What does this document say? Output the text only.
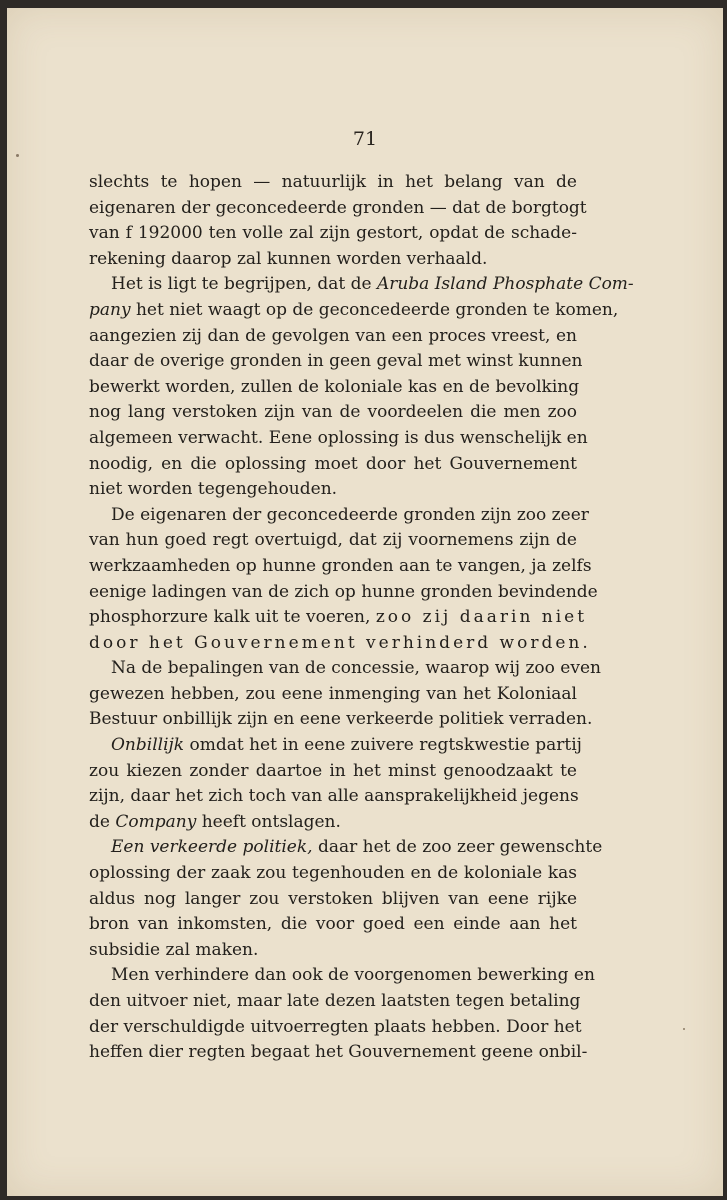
71
slechts te hopen — natuurlijk in het belang van de
eigenaren der geconcedeerde gronden — dat de borgtogt
van f 192000 ten volle zal zijn gestort, opdat de schade-
rekening daarop zal kunnen worden verhaald.
Het is ligt te begrijpen, dat de Aruba Island Phosphate Com-
pany het niet waagt op de geconcedeerde gronden te komen,
aangezien zij dan de gevolgen van een proces vreest, en
daar de overige gronden in geen geval met winst kunnen
bewerkt worden, zullen de koloniale kas en de bevolking
nog lang verstoken zijn van de voordeelen die men zoo
algemeen verwacht. Eene oplossing is dus wenschelijk en
noodig, en die oplossing moet door het Gouvernement
niet worden tegengehouden.
De eigenaren der geconcedeerde gronden zijn zoo zeer
van hun goed regt overtuigd, dat zij voornemens zijn de
werkzaamheden op hunne gronden aan te vangen, ja zelfs
eenige ladingen van de zich op hunne gronden bevindende
phosphorzure kalk uit te voeren, zoo zij daarin niet
door het Gouvernement verhinderd worden.
Na de bepalingen van de concessie, waarop wij zoo even
gewezen hebben, zou eene inmenging van het Koloniaal
Bestuur onbillijk zijn en eene verkeerde politiek verraden.
Onbillijk omdat het in eene zuivere regtskwestie partij
zou kiezen zonder daartoe in het minst genoodzaakt te
zijn, daar het zich toch van alle aansprakelijkheid jegens
de Company heeft ontslagen.
Een verkeerde politiek, daar het de zoo zeer gewenschte
oplossing der zaak zou tegenhouden en de koloniale kas
aldus nog langer zou verstoken blijven van eene rijke
bron van inkomsten, die voor goed een einde aan het
subsidie zal maken.
Men verhindere dan ook de voorgenomen bewerking en
den uitvoer niet, maar late dezen laatsten tegen betaling
der verschuldigde uitvoerregten plaats hebben. Door het
heffen dier regten begaat het Gouvernement geene onbil-
